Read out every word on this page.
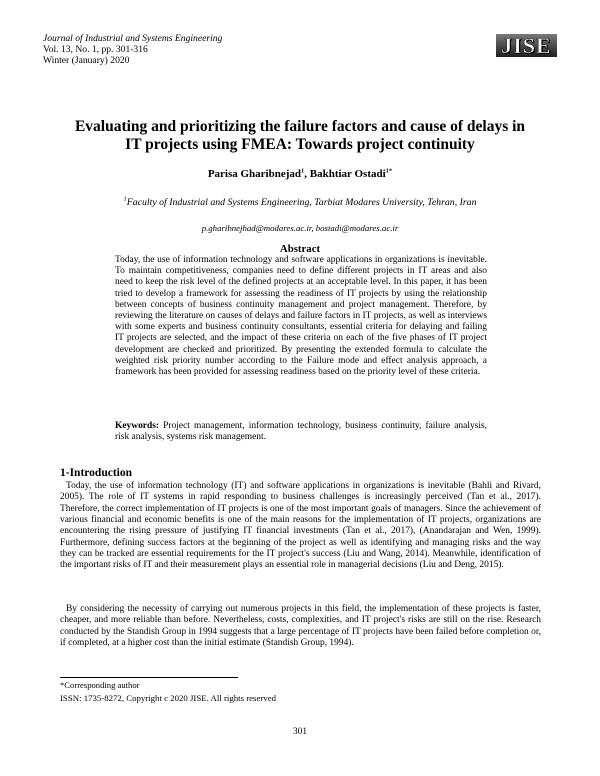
Journal of Industrial and Systems Engineering
Vol. 13, No. 1, pp. 301-316
Winter (January) 2020
JISE
Evaluating and prioritizing the failure factors and cause of delays in
IT projects using FMEA: Towards project continuity
Parisa Gharibnejad$^1$, Bakhtiar Ostadi$^{1*}$
$^1$Faculty of Industrial and Systems Engineering, Tarbiat Modares University, Tehran, Iran
p.gharibnejhad@modares.ac.ir, bostadi@modares.ac.ir
Abstract
Today, the use of information technology and software applications in organizations is inevitable. To maintain competitiveness, companies need to define different projects in IT areas and also need to keep the risk level of the defined projects at an acceptable level. In this paper, it has been tried to develop a framework for assessing the readiness of IT projects by using the relationship between concepts of business continuity management and project management. Therefore, by reviewing the literature on causes of delays and failure factors in IT projects, as well as interviews with some experts and business continuity consultants, essential criteria for delaying and failing IT projects are selected, and the impact of these criteria on each of the five phases of IT project development are checked and prioritized. By presenting the extended formula to calculate the weighted risk priority number according to the Failure mode and effect analysis approach, a framework has been provided for assessing readiness based on the priority level of these criteria.
Keywords: Project management, information technology, business continuity, failure analysis, risk analysis, systems risk management.
1-Introduction

Today, the use of information technology (IT) and software applications in organizations is inevitable (Bahli and Rivard, 2005). The role of IT systems in rapid responding to business challenges is increasingly perceived (Tan et al., 2017). Therefore, the correct implementation of IT projects is one of the most important goals of managers. Since the achievement of various financial and economic benefits is one of the main reasons for the implementation of IT projects, organizations are encountering the rising pressure of justifying IT financial investments (Tan et al., 2017), (Anandarajan and Wen, 1999). Furthermore, defining success factors at the beginning of the project as well as identifying and managing risks and the way they can be tracked are essential requirements for the IT project's success (Liu and Wang, 2014). Meanwhile, identification of the important risks of IT and their measurement plays an essential role in managerial decisions (Liu and Deng, 2015).

By considering the necessity of carrying out numerous projects in this field, the implementation of these projects is faster, cheaper, and more reliable than before. Nevertheless, costs, complexities, and IT project's risks are still on the rise. Research conducted by the Standish Group in 1994 suggests that a large percentage of IT projects have been failed before completion or, if completed, at a higher cost than the initial estimate (Standish Group, 1994).

*Corresponding author
ISSN: 1735-8272, Copyright c 2020 JISE. All rights reserved
301
